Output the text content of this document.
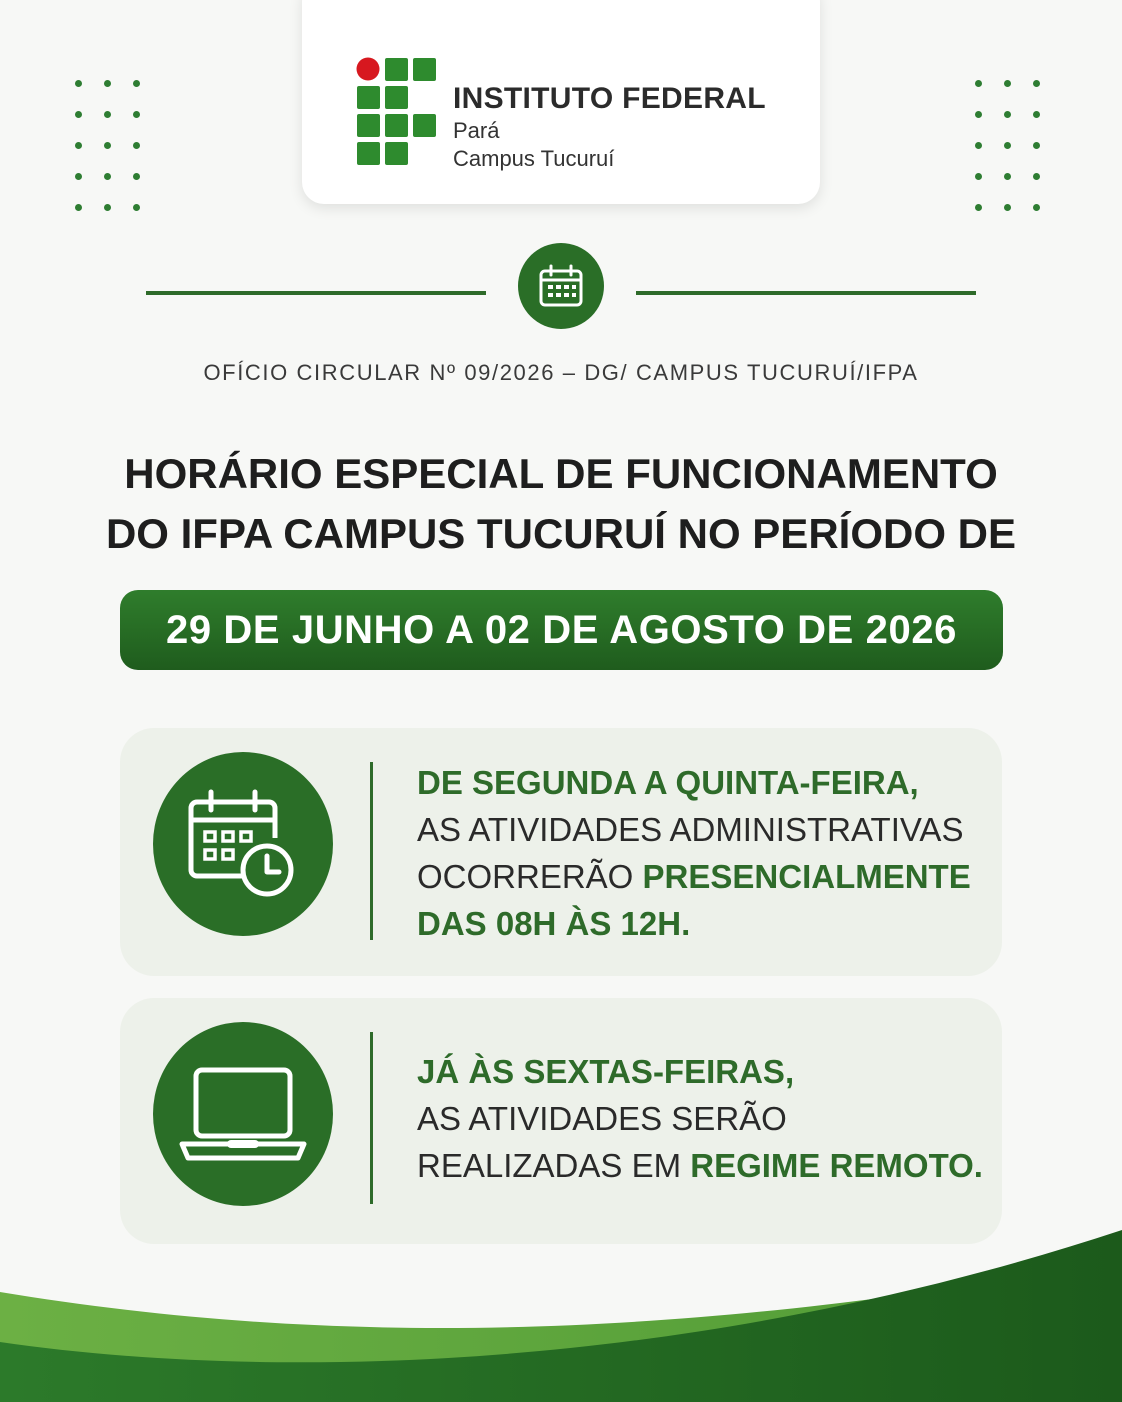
INSTITUTO FEDERAL
Pará
Campus Tucuruí
OFÍCIO CIRCULAR Nº 09/2026 – DG/ CAMPUS TUCURUÍ/IFPA
HORÁRIO ESPECIAL DE FUNCIONAMENTO
DO IFPA CAMPUS TUCURUÍ NO PERÍODO DE
29 DE JUNHO A 02 DE AGOSTO DE 2026
DE SEGUNDA A QUINTA-FEIRA,
AS ATIVIDADES ADMINISTRATIVAS
OCORRERÃO PRESENCIALMENTE
DAS 08H ÀS 12H.
JÁ ÀS SEXTAS-FEIRAS,
AS ATIVIDADES SERÃO
REALIZADAS EM REGIME REMOTO.
